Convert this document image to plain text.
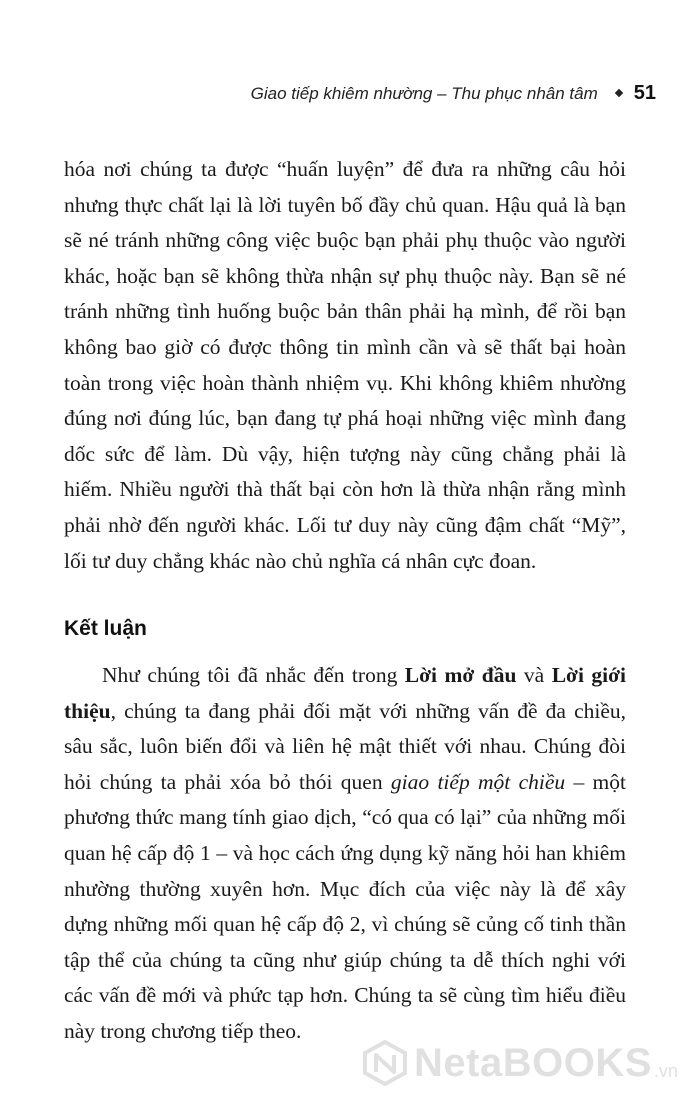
Giao tiếp khiêm nhường – Thu phục nhân tâm 51

hóa nơi chúng ta được “huấn luyện” để đưa ra những câu hỏi nhưng thực chất lại là lời tuyên bố đầy chủ quan. Hậu quả là bạn sẽ né tránh những công việc buộc bạn phải phụ thuộc vào người khác, hoặc bạn sẽ không thừa nhận sự phụ thuộc này. Bạn sẽ né tránh những tình huống buộc bản thân phải hạ mình, để rồi bạn không bao giờ có được thông tin mình cần và sẽ thất bại hoàn toàn trong việc hoàn thành nhiệm vụ. Khi không khiêm nhường đúng nơi đúng lúc, bạn đang tự phá hoại những việc mình đang dốc sức để làm. Dù vậy, hiện tượng này cũng chẳng phải là hiếm. Nhiều người thà thất bại còn hơn là thừa nhận rằng mình phải nhờ đến người khác. Lối tư duy này cũng đậm chất “Mỹ”, lối tư duy chẳng khác nào chủ nghĩa cá nhân cực đoan.

Kết luận

Như chúng tôi đã nhắc đến trong Lời mở đầu và Lời giới thiệu, chúng ta đang phải đối mặt với những vấn đề đa chiều, sâu sắc, luôn biến đổi và liên hệ mật thiết với nhau. Chúng đòi hỏi chúng ta phải xóa bỏ thói quen giao tiếp một chiều – một phương thức mang tính giao dịch, “có qua có lại” của những mối quan hệ cấp độ 1 – và học cách ứng dụng kỹ năng hỏi han khiêm nhường thường xuyên hơn. Mục đích của việc này là để xây dựng những mối quan hệ cấp độ 2, vì chúng sẽ củng cố tinh thần tập thể của chúng ta cũng như giúp chúng ta dễ thích nghi với các vấn đề mới và phức tạp hơn. Chúng ta sẽ cùng tìm hiểu điều này trong chương tiếp theo.

NetaBOOKS .vn
